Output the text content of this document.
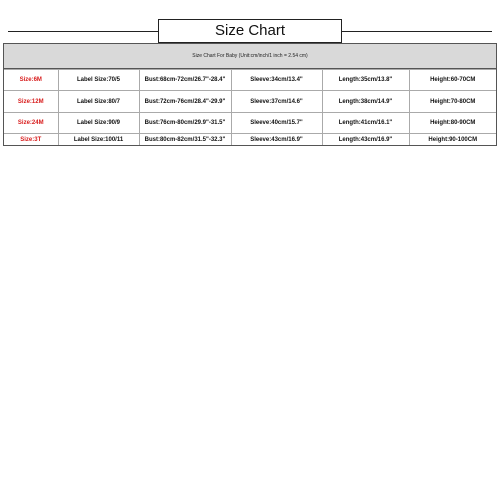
Size Chart
Size Chart For Baby (Unit:cm/inch/1 inch = 2.54 cm)
Size:6M	Label Size:70/5	Bust:68cm-72cm/26.7"-28.4"	Sleeve:34cm/13.4"	Length:35cm/13.8"	Height:60-70CM
Size:12M	Label Size:80/7	Bust:72cm-76cm/28.4"-29.9"	Sleeve:37cm/14.6"	Length:38cm/14.9"	Height:70-80CM
Size:24M	Label Size:90/9	Bust:76cm-80cm/29.9"-31.5"	Sleeve:40cm/15.7"	Length:41cm/16.1"	Height:80-90CM
Size:3T	Label Size:100/11	Bust:80cm-82cm/31.5"-32.3"	Sleeve:43cm/16.9"	Length:43cm/16.9"	Height:90-100CM
